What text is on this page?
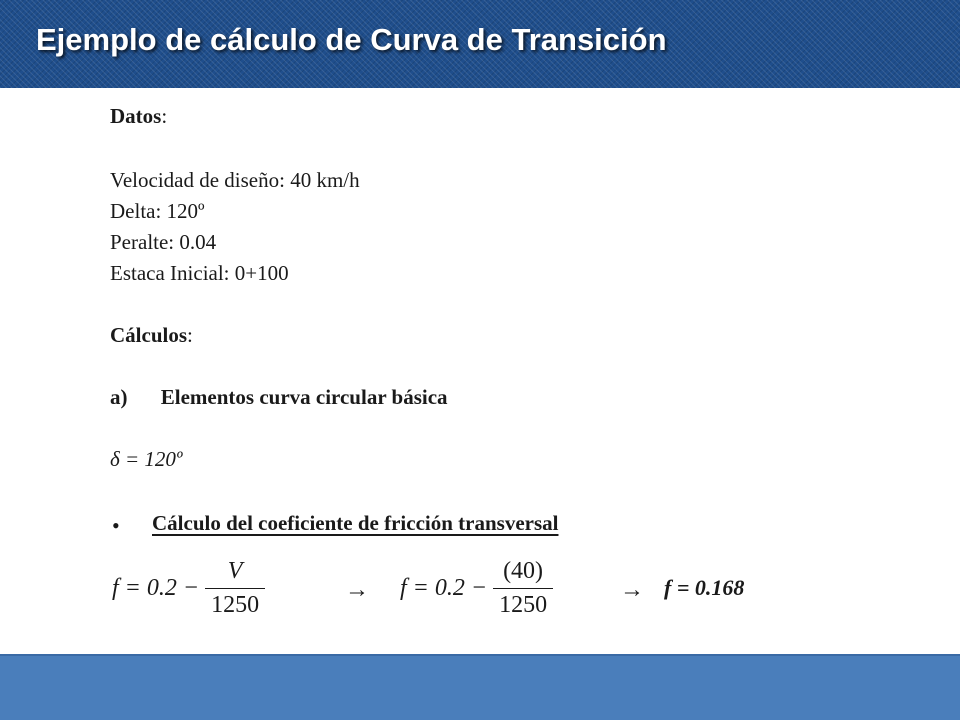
Ejemplo de cálculo de Curva de Transición
Datos:
Velocidad de diseño: 40 km/h
Delta: 120º
Peralte: 0.04
Estaca Inicial: 0+100
Cálculos:
a) Elementos curva circular básica
δ = 120º
• Cálculo del coeficiente de fricción transversal
$f = 0.2 - \frac{V}{1250}$	→ $f = 0.2 - \frac{(40)}{1250}$	→ f = 0.168
